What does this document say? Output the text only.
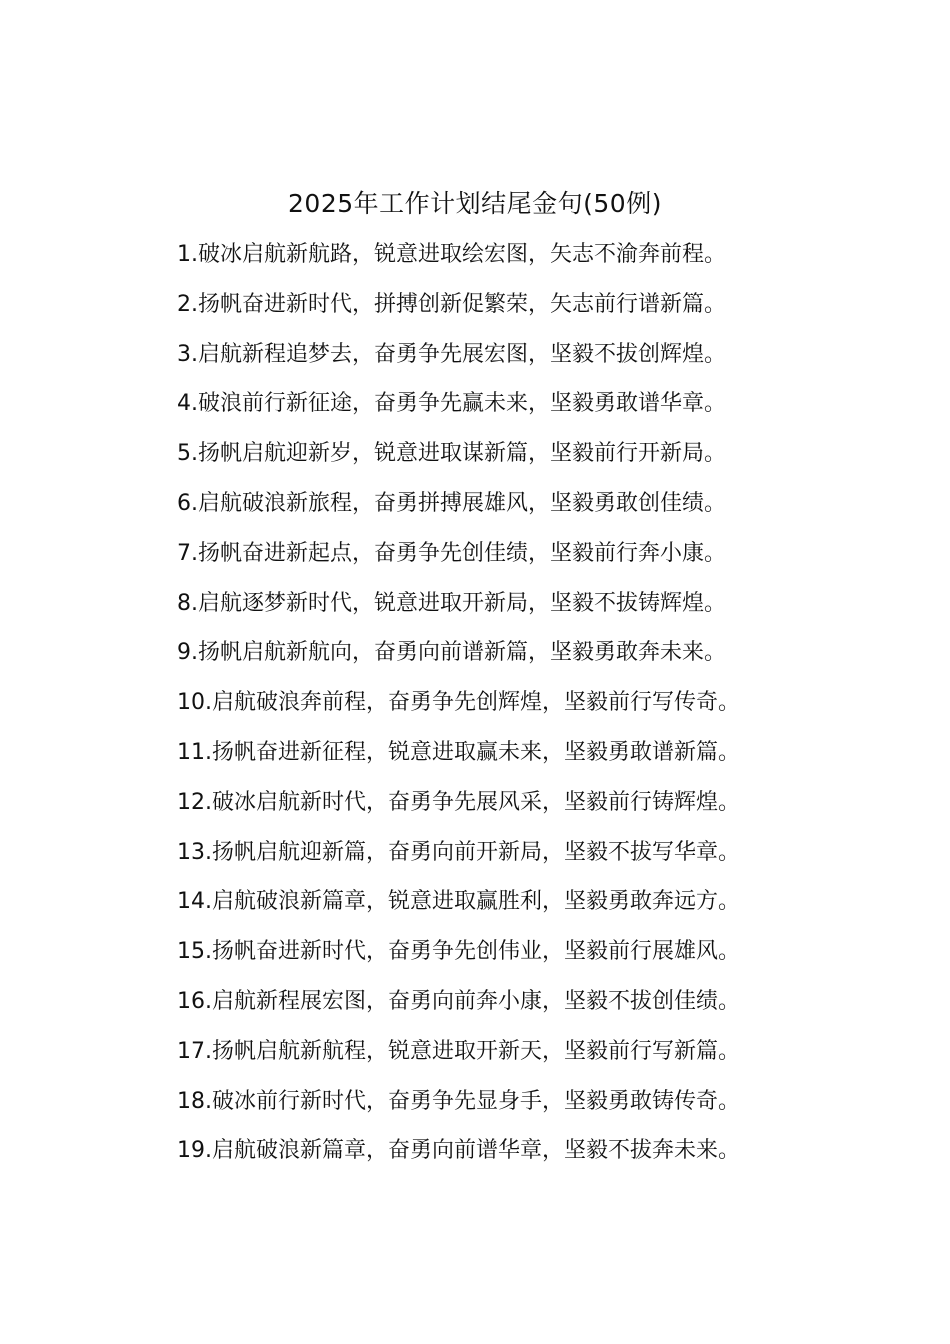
2025年工作计划结尾金句(50例)
1.破冰启航新航路，锐意进取绘宏图，矢志不渝奔前程。
2.扬帆奋进新时代，拼搏创新促繁荣，矢志前行谱新篇。
3.启航新程追梦去，奋勇争先展宏图，坚毅不拔创辉煌。
4.破浪前行新征途，奋勇争先赢未来，坚毅勇敢谱华章。
5.扬帆启航迎新岁，锐意进取谋新篇，坚毅前行开新局。
6.启航破浪新旅程，奋勇拼搏展雄风，坚毅勇敢创佳绩。
7.扬帆奋进新起点，奋勇争先创佳绩，坚毅前行奔小康。
8.启航逐梦新时代，锐意进取开新局，坚毅不拔铸辉煌。
9.扬帆启航新航向，奋勇向前谱新篇，坚毅勇敢奔未来。
10.启航破浪奔前程，奋勇争先创辉煌，坚毅前行写传奇。
11.扬帆奋进新征程，锐意进取赢未来，坚毅勇敢谱新篇。
12.破冰启航新时代，奋勇争先展风采，坚毅前行铸辉煌。
13.扬帆启航迎新篇，奋勇向前开新局，坚毅不拔写华章。
14.启航破浪新篇章，锐意进取赢胜利，坚毅勇敢奔远方。
15.扬帆奋进新时代，奋勇争先创伟业，坚毅前行展雄风。
16.启航新程展宏图，奋勇向前奔小康，坚毅不拔创佳绩。
17.扬帆启航新航程，锐意进取开新天，坚毅前行写新篇。
18.破冰前行新时代，奋勇争先显身手，坚毅勇敢铸传奇。
19.启航破浪新篇章，奋勇向前谱华章，坚毅不拔奔未来。
